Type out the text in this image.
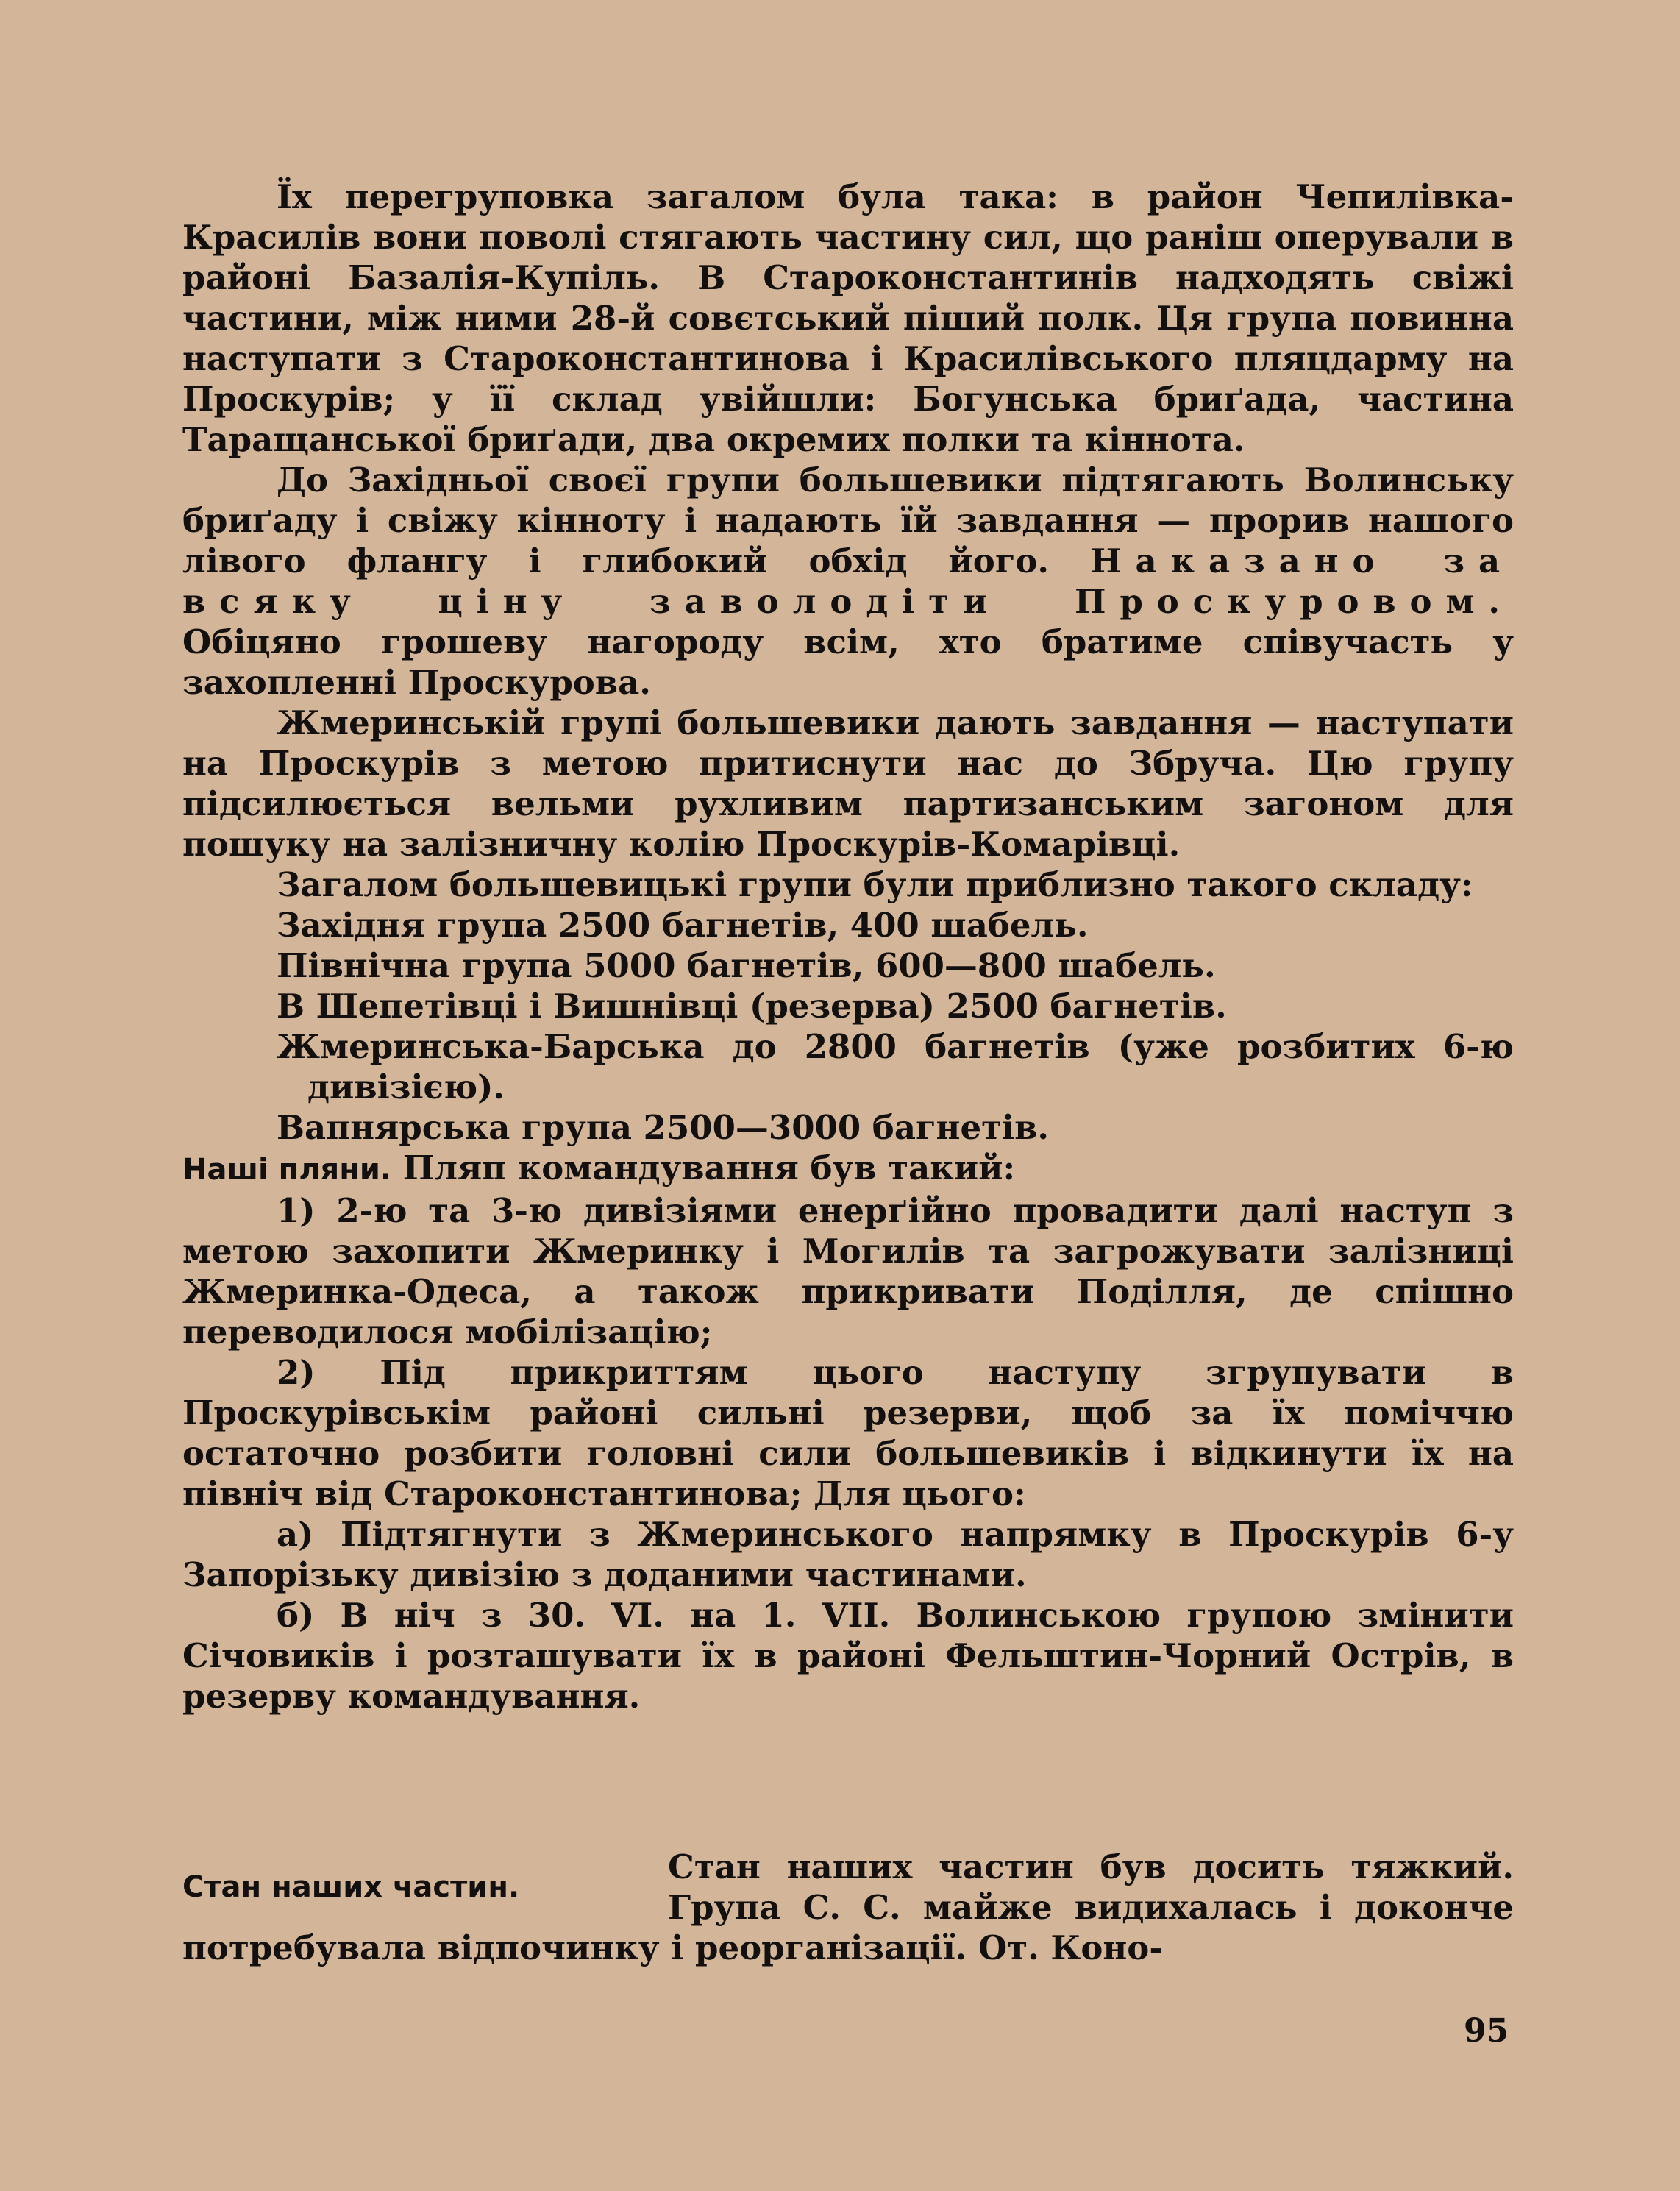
Їх перегруповка загалом була така: в район Чепилівка-Красилів вони поволі стягають частину сил, що раніш оперували в районі Базалія-Купіль. В Староконстантинів надходять свіжі частини, між ними 28-й совєтський піший полк. Ця група повинна наступати з Староконстантинова і Красилівського пляцдарму на Проскурів; у її склад увійшли: Богунська бриґада, частина Таращанської бриґади, два окремих полки та кіннота.

До Західньої своєї групи большевики підтягають Волинську бриґаду і свіжу кінноту і надають їй завдання — прорив нашого лівого флангу і глибокий обхід його. Наказано за всяку ціну заволодіти Проскуровом. Обіцяно грошеву нагороду всім, хто братиме співучасть у захопленні Проскурова.

Жмеринській групі большевики дають завдання — наступати на Проскурів з метою притиснути нас до Збруча. Цю групу підсилюється вельми рухливим партизанським загоном для пошуку на залізничну колію Проскурів-Комарівці.

Загалом большевицькі групи були приблизно такого складу:

Західня група 2500 багнетів, 400 шабель.

Північна група 5000 багнетів, 600—800 шабель.

В Шепетівці і Вишнівці (резерва) 2500 багнетів.

Жмеринська-Барська до 2800 багнетів (уже розбитих 6-ю дивізією).

Вапнярська група 2500—3000 багнетів.

Наші пляни. Пляп командування був такий:

1) 2-ю та 3-ю дивізіями енерґійно провадити далі наступ з метою захопити Жмеринку і Могилів та загрожувати залізниці Жмеринка-Одеса, а також прикривати Поділля, де спішно переводилося мобілізацію;

2) Під прикриттям цього наступу згрупувати в Проскурівськім районі сильні резерви, щоб за їх поміччю остаточно розбити головні сили большевиків і відкинути їх на північ від Староконстантинова; Для цього:

а) Підтягнути з Жмеринського напрямку в Проскурів 6-у Запорізьку дивізію з доданими частинами.

б) В ніч з 30. VI. на 1. VII. Волинською групою змінити Січовиків і розташувати їх в районі Фельштин-Чорний Острів, в резерву командування.

Стан наших частин.

Стан наших частин був досить тяжкий. Група С. С. майже видихалась і доконче потребувала відпочинку і реорганізації. От. Коно-

95
